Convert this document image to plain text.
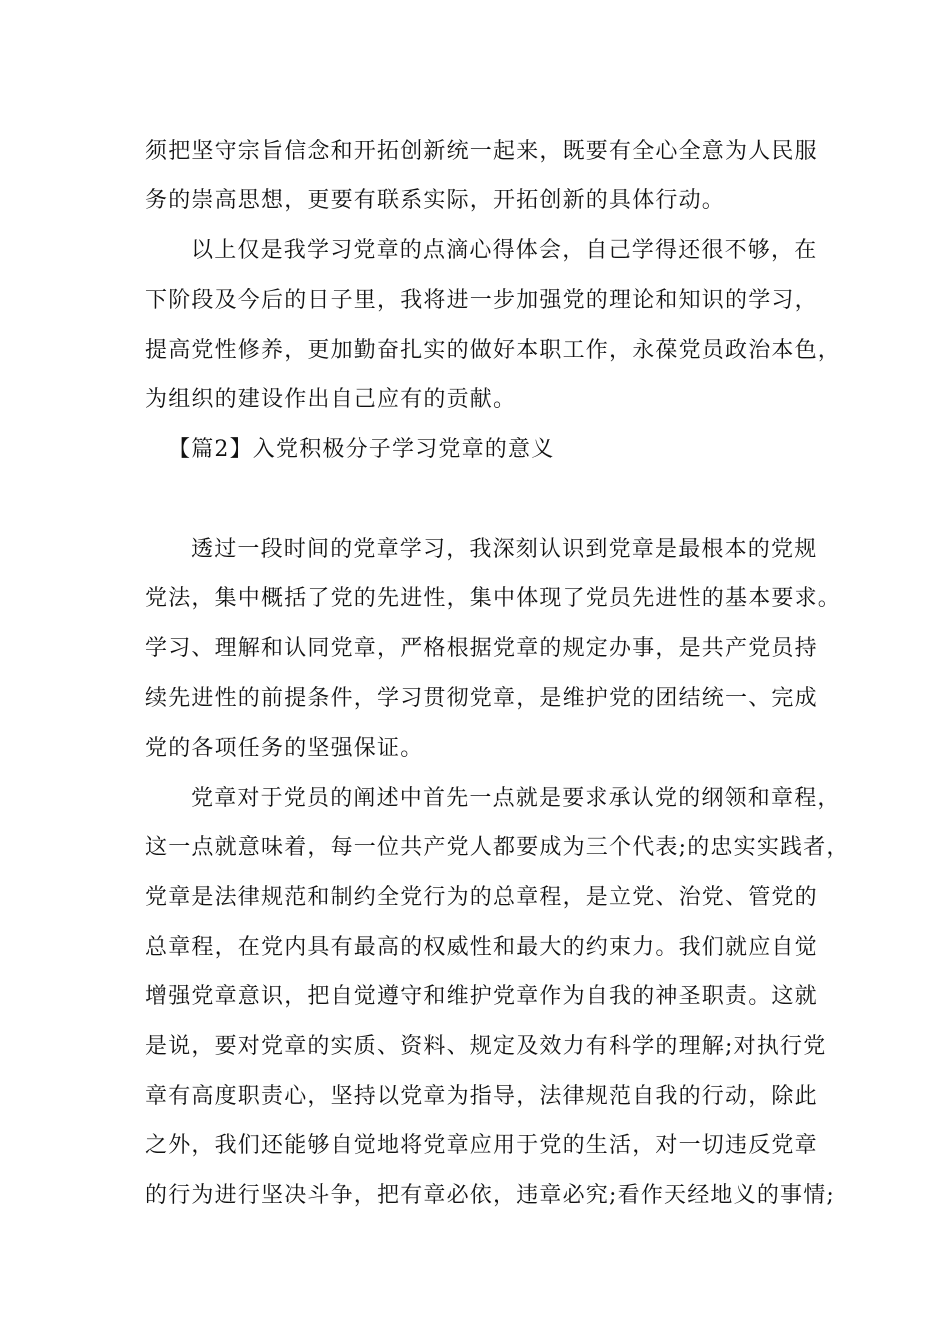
须把坚守宗旨信念和开拓创新统一起来，既要有全心全意为人民服
务的崇高思想，更要有联系实际，开拓创新的具体行动。
以上仅是我学习党章的点滴心得体会，自己学得还很不够，在
下阶段及今后的日子里，我将进一步加强党的理论和知识的学习，
提高党性修养，更加勤奋扎实的做好本职工作，永葆党员政治本色，
为组织的建设作出自己应有的贡献。
【篇2】入党积极分子学习党章的意义
透过一段时间的党章学习，我深刻认识到党章是最根本的党规
党法，集中概括了党的先进性，集中体现了党员先进性的基本要求。
学习、理解和认同党章，严格根据党章的规定办事，是共产党员持
续先进性的前提条件，学习贯彻党章，是维护党的团结统一、完成
党的各项任务的坚强保证。
党章对于党员的阐述中首先一点就是要求承认党的纲领和章程，
这一点就意味着，每一位共产党人都要成为三个代表;的忠实实践者，
党章是法律规范和制约全党行为的总章程，是立党、治党、管党的
总章程，在党内具有最高的权威性和最大的约束力。我们就应自觉
增强党章意识，把自觉遵守和维护党章作为自我的神圣职责。这就
是说，要对党章的实质、资料、规定及效力有科学的理解;对执行党
章有高度职责心，坚持以党章为指导，法律规范自我的行动，除此
之外，我们还能够自觉地将党章应用于党的生活，对一切违反党章
的行为进行坚决斗争，把有章必依，违章必究;看作天经地义的事情;
